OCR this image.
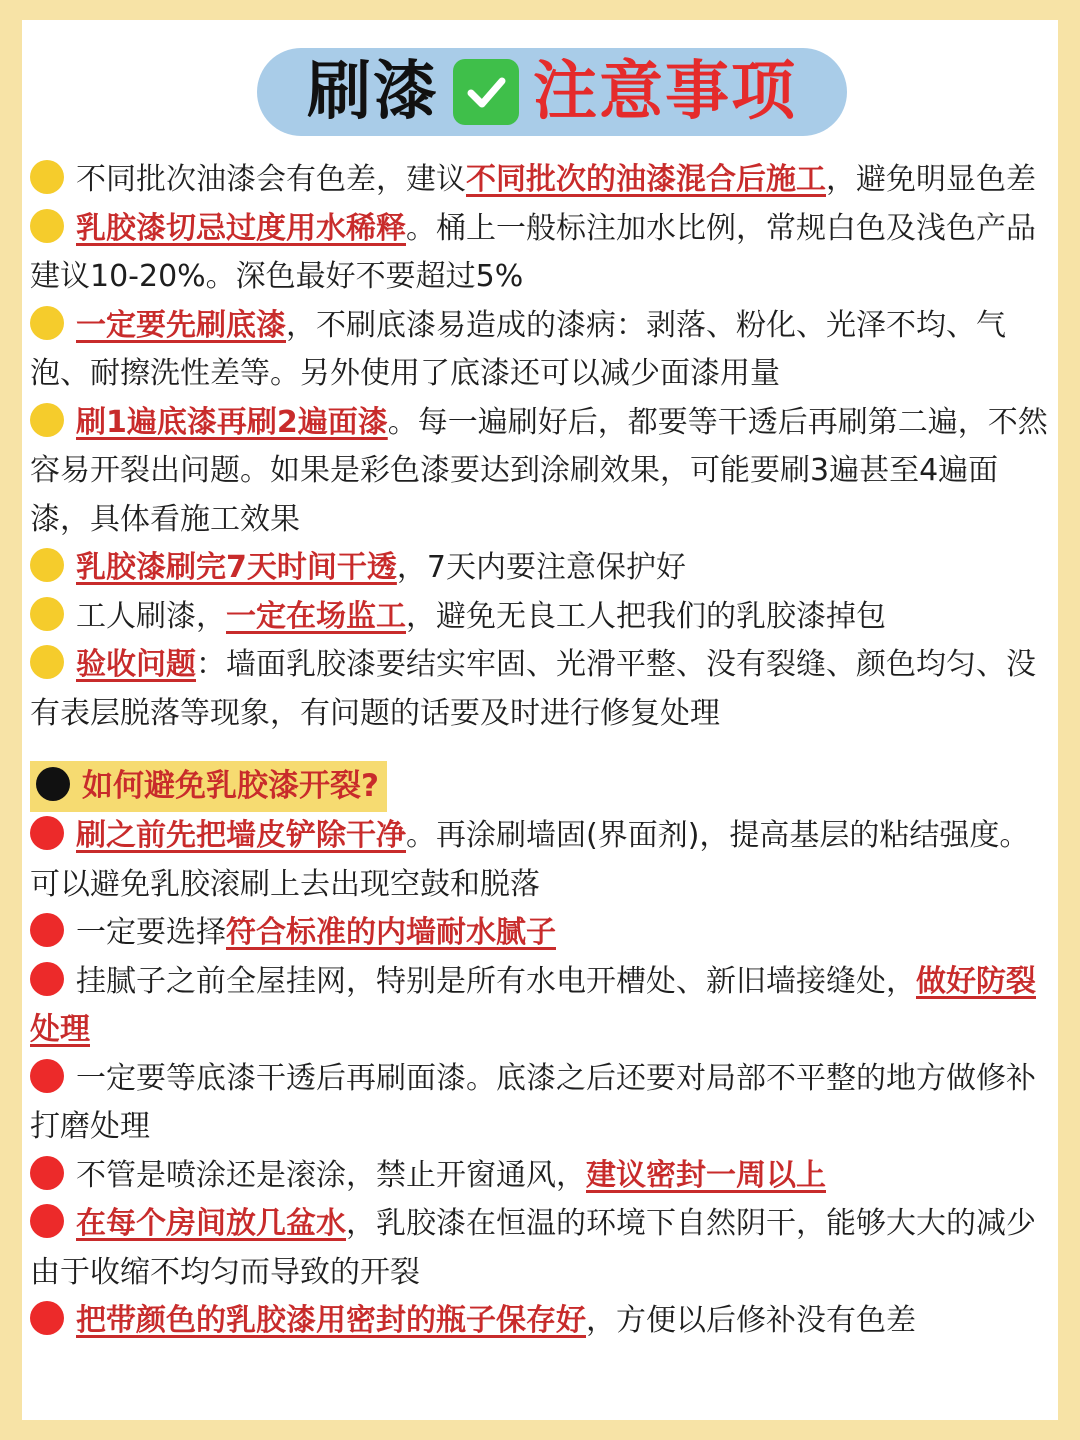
刷漆 注意事项

不同批次油漆会有色差，建议不同批次的油漆混合后施工，避免明显色差

乳胶漆切忌过度用水稀释。桶上一般标注加水比例，常规白色及浅色产品建议10-20%。深色最好不要超过5%

一定要先刷底漆，不刷底漆易造成的漆病：剥落、粉化、光泽不均、气泡、耐擦洗性差等。另外使用了底漆还可以减少面漆用量

刷1遍底漆再刷2遍面漆。每一遍刷好后，都要等干透后再刷第二遍，不然容易开裂出问题。如果是彩色漆要达到涂刷效果，可能要刷3遍甚至4遍面漆，具体看施工效果

乳胶漆刷完7天时间干透，7天内要注意保护好

工人刷漆，一定在场监工，避免无良工人把我们的乳胶漆掉包

验收问题：墙面乳胶漆要结实牢固、光滑平整、没有裂缝、颜色均匀、没有表层脱落等现象，有问题的话要及时进行修复处理

如何避免乳胶漆开裂?

刷之前先把墙皮铲除干净。再涂刷墙固(界面剂)，提高基层的粘结强度。可以避免乳胶滚刷上去出现空鼓和脱落

一定要选择符合标准的内墙耐水腻子

挂腻子之前全屋挂网，特别是所有水电开槽处、新旧墙接缝处，做好防裂处理

一定要等底漆干透后再刷面漆。底漆之后还要对局部不平整的地方做修补打磨处理

不管是喷涂还是滚涂，禁止开窗通风，建议密封一周以上

在每个房间放几盆水，乳胶漆在恒温的环境下自然阴干，能够大大的减少由于收缩不均匀而导致的开裂

把带颜色的乳胶漆用密封的瓶子保存好，方便以后修补没有色差
